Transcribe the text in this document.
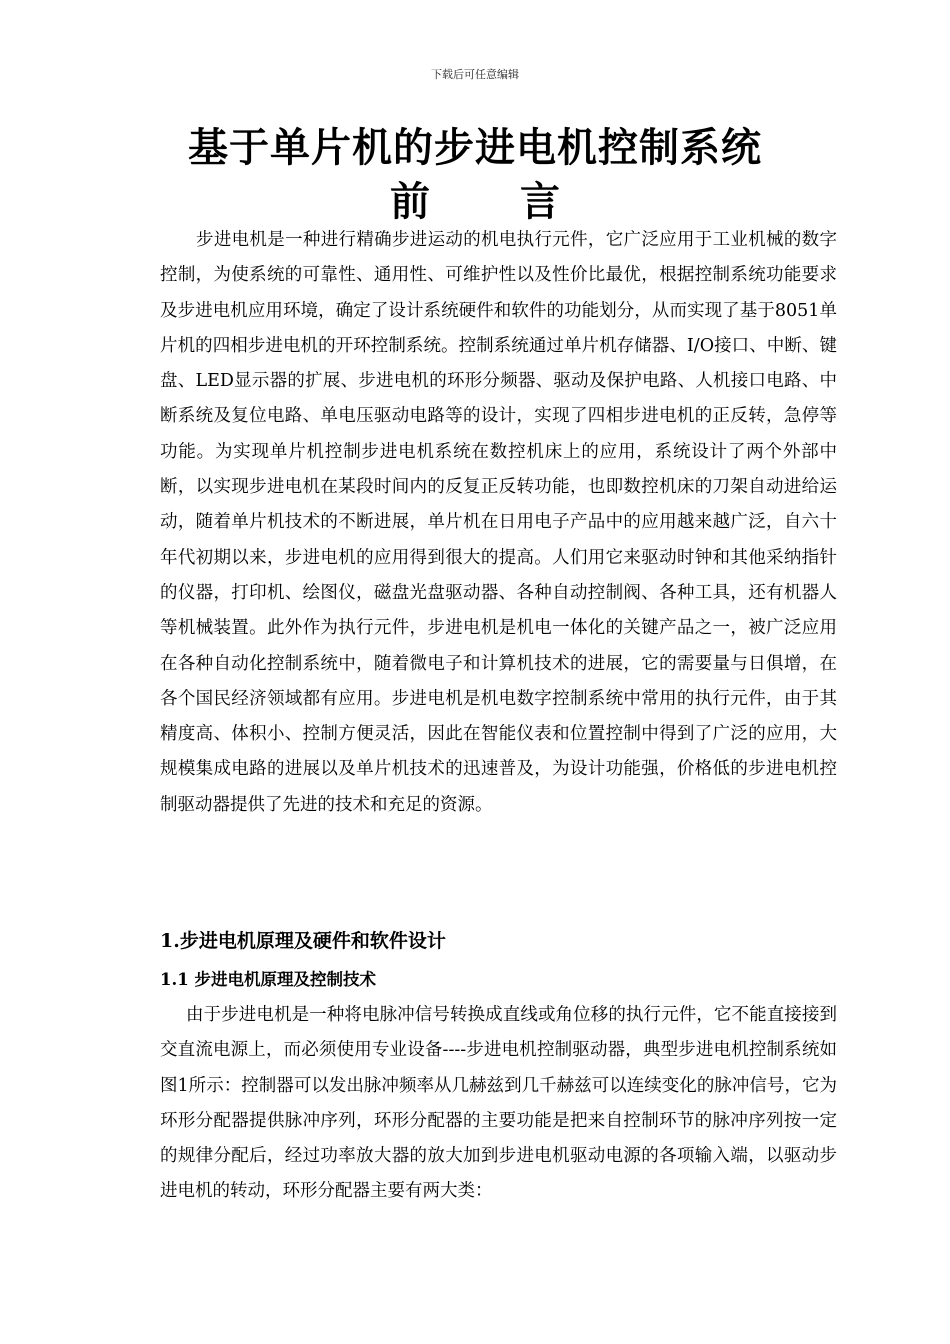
下载后可任意编辑
基于单片机的步进电机控制系统
前 言

步进电机是一种进行精确步进运动的机电执行元件，它广泛应用于工业机械的数字控制，为使系统的可靠性、通用性、可维护性以及性价比最优，根据控制系统功能要求及步进电机应用环境，确定了设计系统硬件和软件的功能划分，从而实现了基于8051单片机的四相步进电机的开环控制系统。控制系统通过单片机存储器、I/O接口、中断、键盘、LED显示器的扩展、步进电机的环形分频器、驱动及保护电路、人机接口电路、中断系统及复位电路、单电压驱动电路等的设计，实现了四相步进电机的正反转，急停等功能。为实现单片机控制步进电机系统在数控机床上的应用，系统设计了两个外部中断，以实现步进电机在某段时间内的反复正反转功能，也即数控机床的刀架自动进给运动，随着单片机技术的不断进展，单片机在日用电子产品中的应用越来越广泛，自六十年代初期以来，步进电机的应用得到很大的提高。人们用它来驱动时钟和其他采纳指针的仪器，打印机、绘图仪，磁盘光盘驱动器、各种自动控制阀、各种工具，还有机器人等机械装置。此外作为执行元件，步进电机是机电一体化的关键产品之一，被广泛应用在各种自动化控制系统中，随着微电子和计算机技术的进展，它的需要量与日俱增，在各个国民经济领域都有应用。步进电机是机电数字控制系统中常用的执行元件，由于其精度高、体积小、控制方便灵活，因此在智能仪表和位置控制中得到了广泛的应用，大规模集成电路的进展以及单片机技术的迅速普及，为设计功能强，价格低的步进电机控制驱动器提供了先进的技术和充足的资源。

1.步进电机原理及硬件和软件设计
1.1 步进电机原理及控制技术

由于步进电机是一种将电脉冲信号转换成直线或角位移的执行元件，它不能直接接到交直流电源上，而必须使用专业设备----步进电机控制驱动器，典型步进电机控制系统如图1所示：控制器可以发出脉冲频率从几赫兹到几千赫兹可以连续变化的脉冲信号，它为环形分配器提供脉冲序列，环形分配器的主要功能是把来自控制环节的脉冲序列按一定的规律分配后，经过功率放大器的放大加到步进电机驱动电源的各项输入端，以驱动步进电机的转动，环形分配器主要有两大类：
